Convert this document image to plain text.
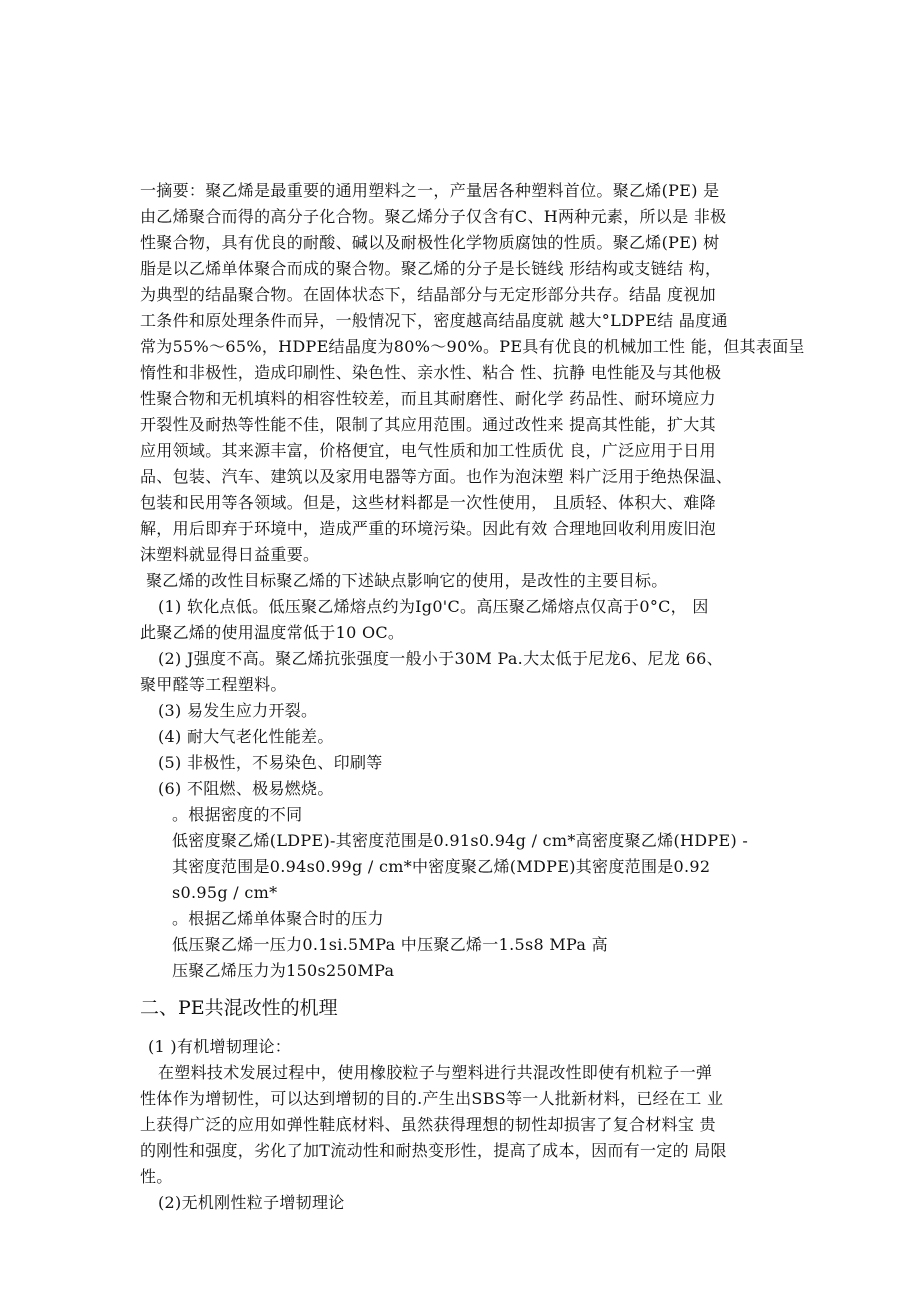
一摘要：聚乙烯是最重要的通用塑料之一，产量居各种塑料首位。聚乙烯(PE) 是
由乙烯聚合而得的高分子化合物。聚乙烯分子仅含有C、H两种元素，所以是 非极
性聚合物，具有优良的耐酸、碱以及耐极性化学物质腐蚀的性质。聚乙烯(PE) 树
脂是以乙烯单体聚合而成的聚合物。聚乙烯的分子是长链线 形结构或支链结 构，
为典型的结晶聚合物。在固体状态下，结晶部分与无定形部分共存。结晶 度视加
工条件和原处理条件而异，一般情况下，密度越高结晶度就 越大°LDPE结 晶度通
常为55%〜65%，HDPE结晶度为80%〜90%。PE具有优良的机械加工性 能，但其表面呈
惰性和非极性，造成印刷性、染色性、亲水性、粘合 性、抗静 电性能及与其他极
性聚合物和无机填料的相容性较差，而且其耐磨性、耐化学 药品性、耐环境应力
开裂性及耐热等性能不佳，限制了其应用范围。通过改性来 提高其性能，扩大其
应用领域。其来源丰富，价格便宜，电气性质和加工性质优 良，广泛应用于日用
品、包装、汽车、建筑以及家用电器等方面。也作为泡沫塑 料广泛用于绝热保温、
包装和民用等各领域。但是，这些材料都是一次性使用， 且质轻、体积大、难降
解，用后即弃于环境中，造成严重的环境污染。因此有效 合理地回收利用废旧泡
沫塑料就显得日益重要。
聚乙烯的改性目标聚乙烯的下述缺点影响它的使用，是改性的主要目标。
(1) 软化点低。低压聚乙烯熔点约为Ig0'C。高压聚乙烯熔点仅高于0°C， 因
此聚乙烯的使用温度常低于10 OC。
(2) J强度不高。聚乙烯抗张强度一般小于30M Pa.大太低于尼龙6、尼龙 66、
聚甲醛等工程塑料。
(3) 易发生应力开裂。
(4) 耐大气老化性能差。
(5) 非极性，不易染色、印刷等
(6) 不阻燃、极易燃烧。
。根据密度的不同
低密度聚乙烯(LDPE)-其密度范围是0.91s0.94g / cm*高密度聚乙烯(HDPE) -
其密度范围是0.94s0.99g / cm*中密度聚乙烯(MDPE)其密度范围是0.92
s0.95g / cm*
。根据乙烯单体聚合时的压力
低压聚乙烯一压力0.1si.5MPa 中压聚乙烯一1.5s8 MPa 高
压聚乙烯压力为150s250MPa
二、PE共混改性的机理
(1 )有机增韧理论：
在塑料技术发展过程中，使用橡胶粒子与塑料进行共混改性即使有机粒子一弹
性体作为增韧性，可以达到增韧的目的.产生出SBS等一人批新材料，已经在工 业
上获得广泛的应用如弹性鞋底材料、虽然获得理想的韧性却损害了复合材料宝 贵
的刚性和强度，劣化了加T流动性和耐热变形性，提高了成本，因而有一定的 局限
性。
(2)无机刚性粒子增韧理论
